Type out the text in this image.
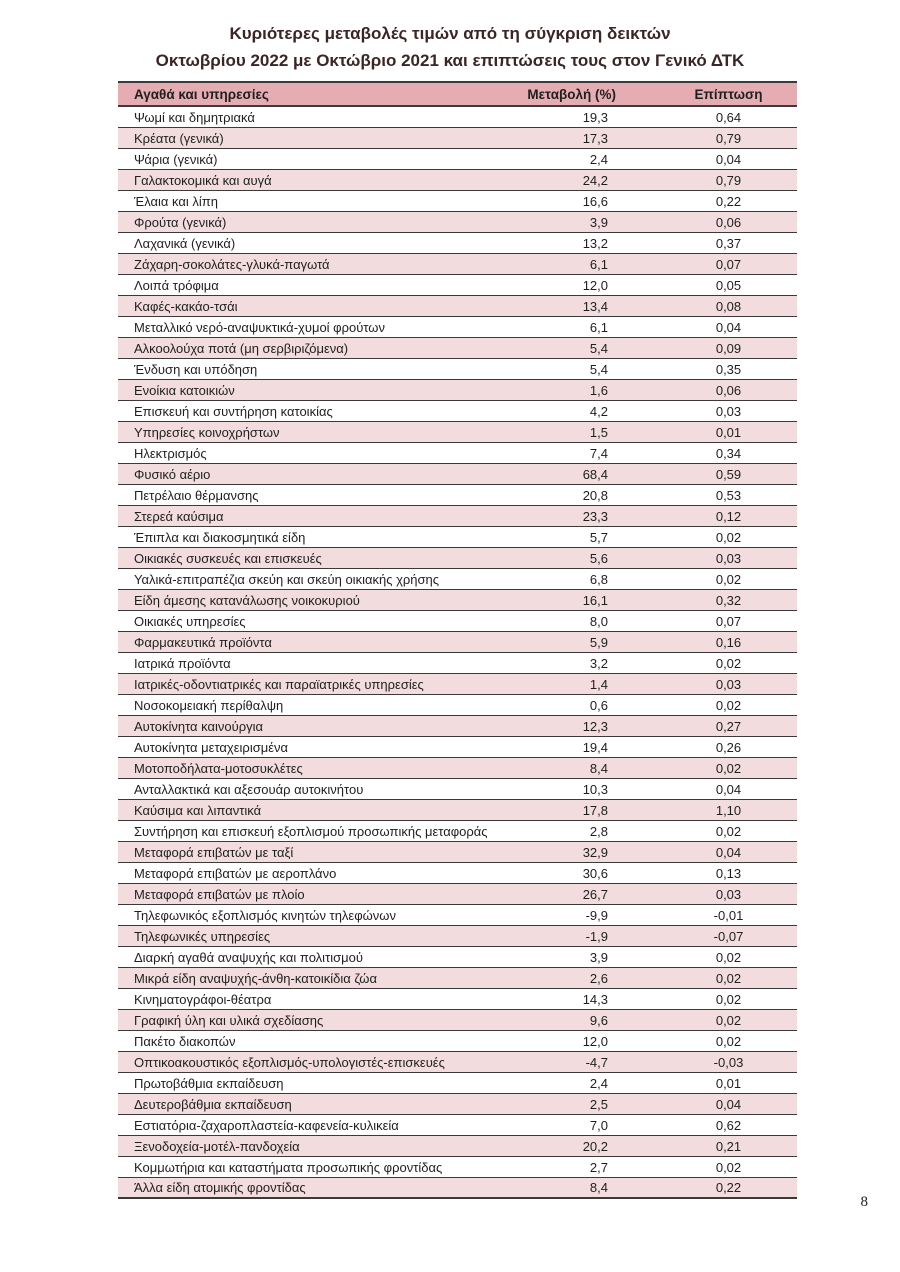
Κυριότερες μεταβολές τιμών από τη σύγκριση δεικτών
Οκτωβρίου 2022 με Οκτώβριο 2021 και επιπτώσεις τους στον Γενικό ΔΤΚ
Αγαθά και υπηρεσίες	Μεταβολή (%)	Επίπτωση
Ψωμί και δημητριακά	19,3	0,64
Κρέατα (γενικά)	17,3	0,79
Ψάρια (γενικά)	2,4	0,04
Γαλακτοκομικά και αυγά	24,2	0,79
Έλαια και λίπη	16,6	0,22
Φρούτα (γενικά)	3,9	0,06
Λαχανικά (γενικά)	13,2	0,37
Ζάχαρη-σοκολάτες-γλυκά-παγωτά	6,1	0,07
Λοιπά τρόφιμα	12,0	0,05
Καφές-κακάο-τσάι	13,4	0,08
Μεταλλικό νερό-αναψυκτικά-χυμοί φρούτων	6,1	0,04
Αλκοολούχα ποτά (μη σερβιριζόμενα)	5,4	0,09
Ένδυση και υπόδηση	5,4	0,35
Ενοίκια κατοικιών	1,6	0,06
Επισκευή και συντήρηση κατοικίας	4,2	0,03
Υπηρεσίες κοινοχρήστων	1,5	0,01
Ηλεκτρισμός	7,4	0,34
Φυσικό αέριο	68,4	0,59
Πετρέλαιο θέρμανσης	20,8	0,53
Στερεά καύσιμα	23,3	0,12
Έπιπλα και διακοσμητικά είδη	5,7	0,02
Οικιακές συσκευές και επισκευές	5,6	0,03
Υαλικά-επιτραπέζια σκεύη και σκεύη οικιακής χρήσης	6,8	0,02
Είδη άμεσης κατανάλωσης νοικοκυριού	16,1	0,32
Οικιακές υπηρεσίες	8,0	0,07
Φαρμακευτικά προϊόντα	5,9	0,16
Ιατρικά προϊόντα	3,2	0,02
Ιατρικές-οδοντιατρικές και παραϊατρικές υπηρεσίες	1,4	0,03
Νοσοκομειακή περίθαλψη	0,6	0,02
Αυτοκίνητα καινούργια	12,3	0,27
Αυτοκίνητα μεταχειρισμένα	19,4	0,26
Μοτοποδήλατα-μοτοσυκλέτες	8,4	0,02
Ανταλλακτικά και αξεσουάρ αυτοκινήτου	10,3	0,04
Καύσιμα και λιπαντικά	17,8	1,10
Συντήρηση και επισκευή εξοπλισμού προσωπικής μεταφοράς	2,8	0,02
Μεταφορά επιβατών με ταξί	32,9	0,04
Μεταφορά επιβατών με αεροπλάνο	30,6	0,13
Μεταφορά επιβατών με πλοίο	26,7	0,03
Τηλεφωνικός εξοπλισμός κινητών τηλεφώνων	-9,9	-0,01
Τηλεφωνικές υπηρεσίες	-1,9	-0,07
Διαρκή αγαθά αναψυχής και πολιτισμού	3,9	0,02
Μικρά είδη αναψυχής-άνθη-κατοικίδια ζώα	2,6	0,02
Κινηματογράφοι-θέατρα	14,3	0,02
Γραφική ύλη και υλικά σχεδίασης	9,6	0,02
Πακέτο διακοπών	12,0	0,02
Οπτικοακουστικός εξοπλισμός-υπολογιστές-επισκευές	-4,7	-0,03
Πρωτοβάθμια εκπαίδευση	2,4	0,01
Δευτεροβάθμια εκπαίδευση	2,5	0,04
Εστιατόρια-ζαχαροπλαστεία-καφενεία-κυλικεία	7,0	0,62
Ξενοδοχεία-μοτέλ-πανδοχεία	20,2	0,21
Κομμωτήρια και καταστήματα προσωπικής φροντίδας	2,7	0,02
Άλλα είδη ατομικής φροντίδας	8,4	0,22
8
